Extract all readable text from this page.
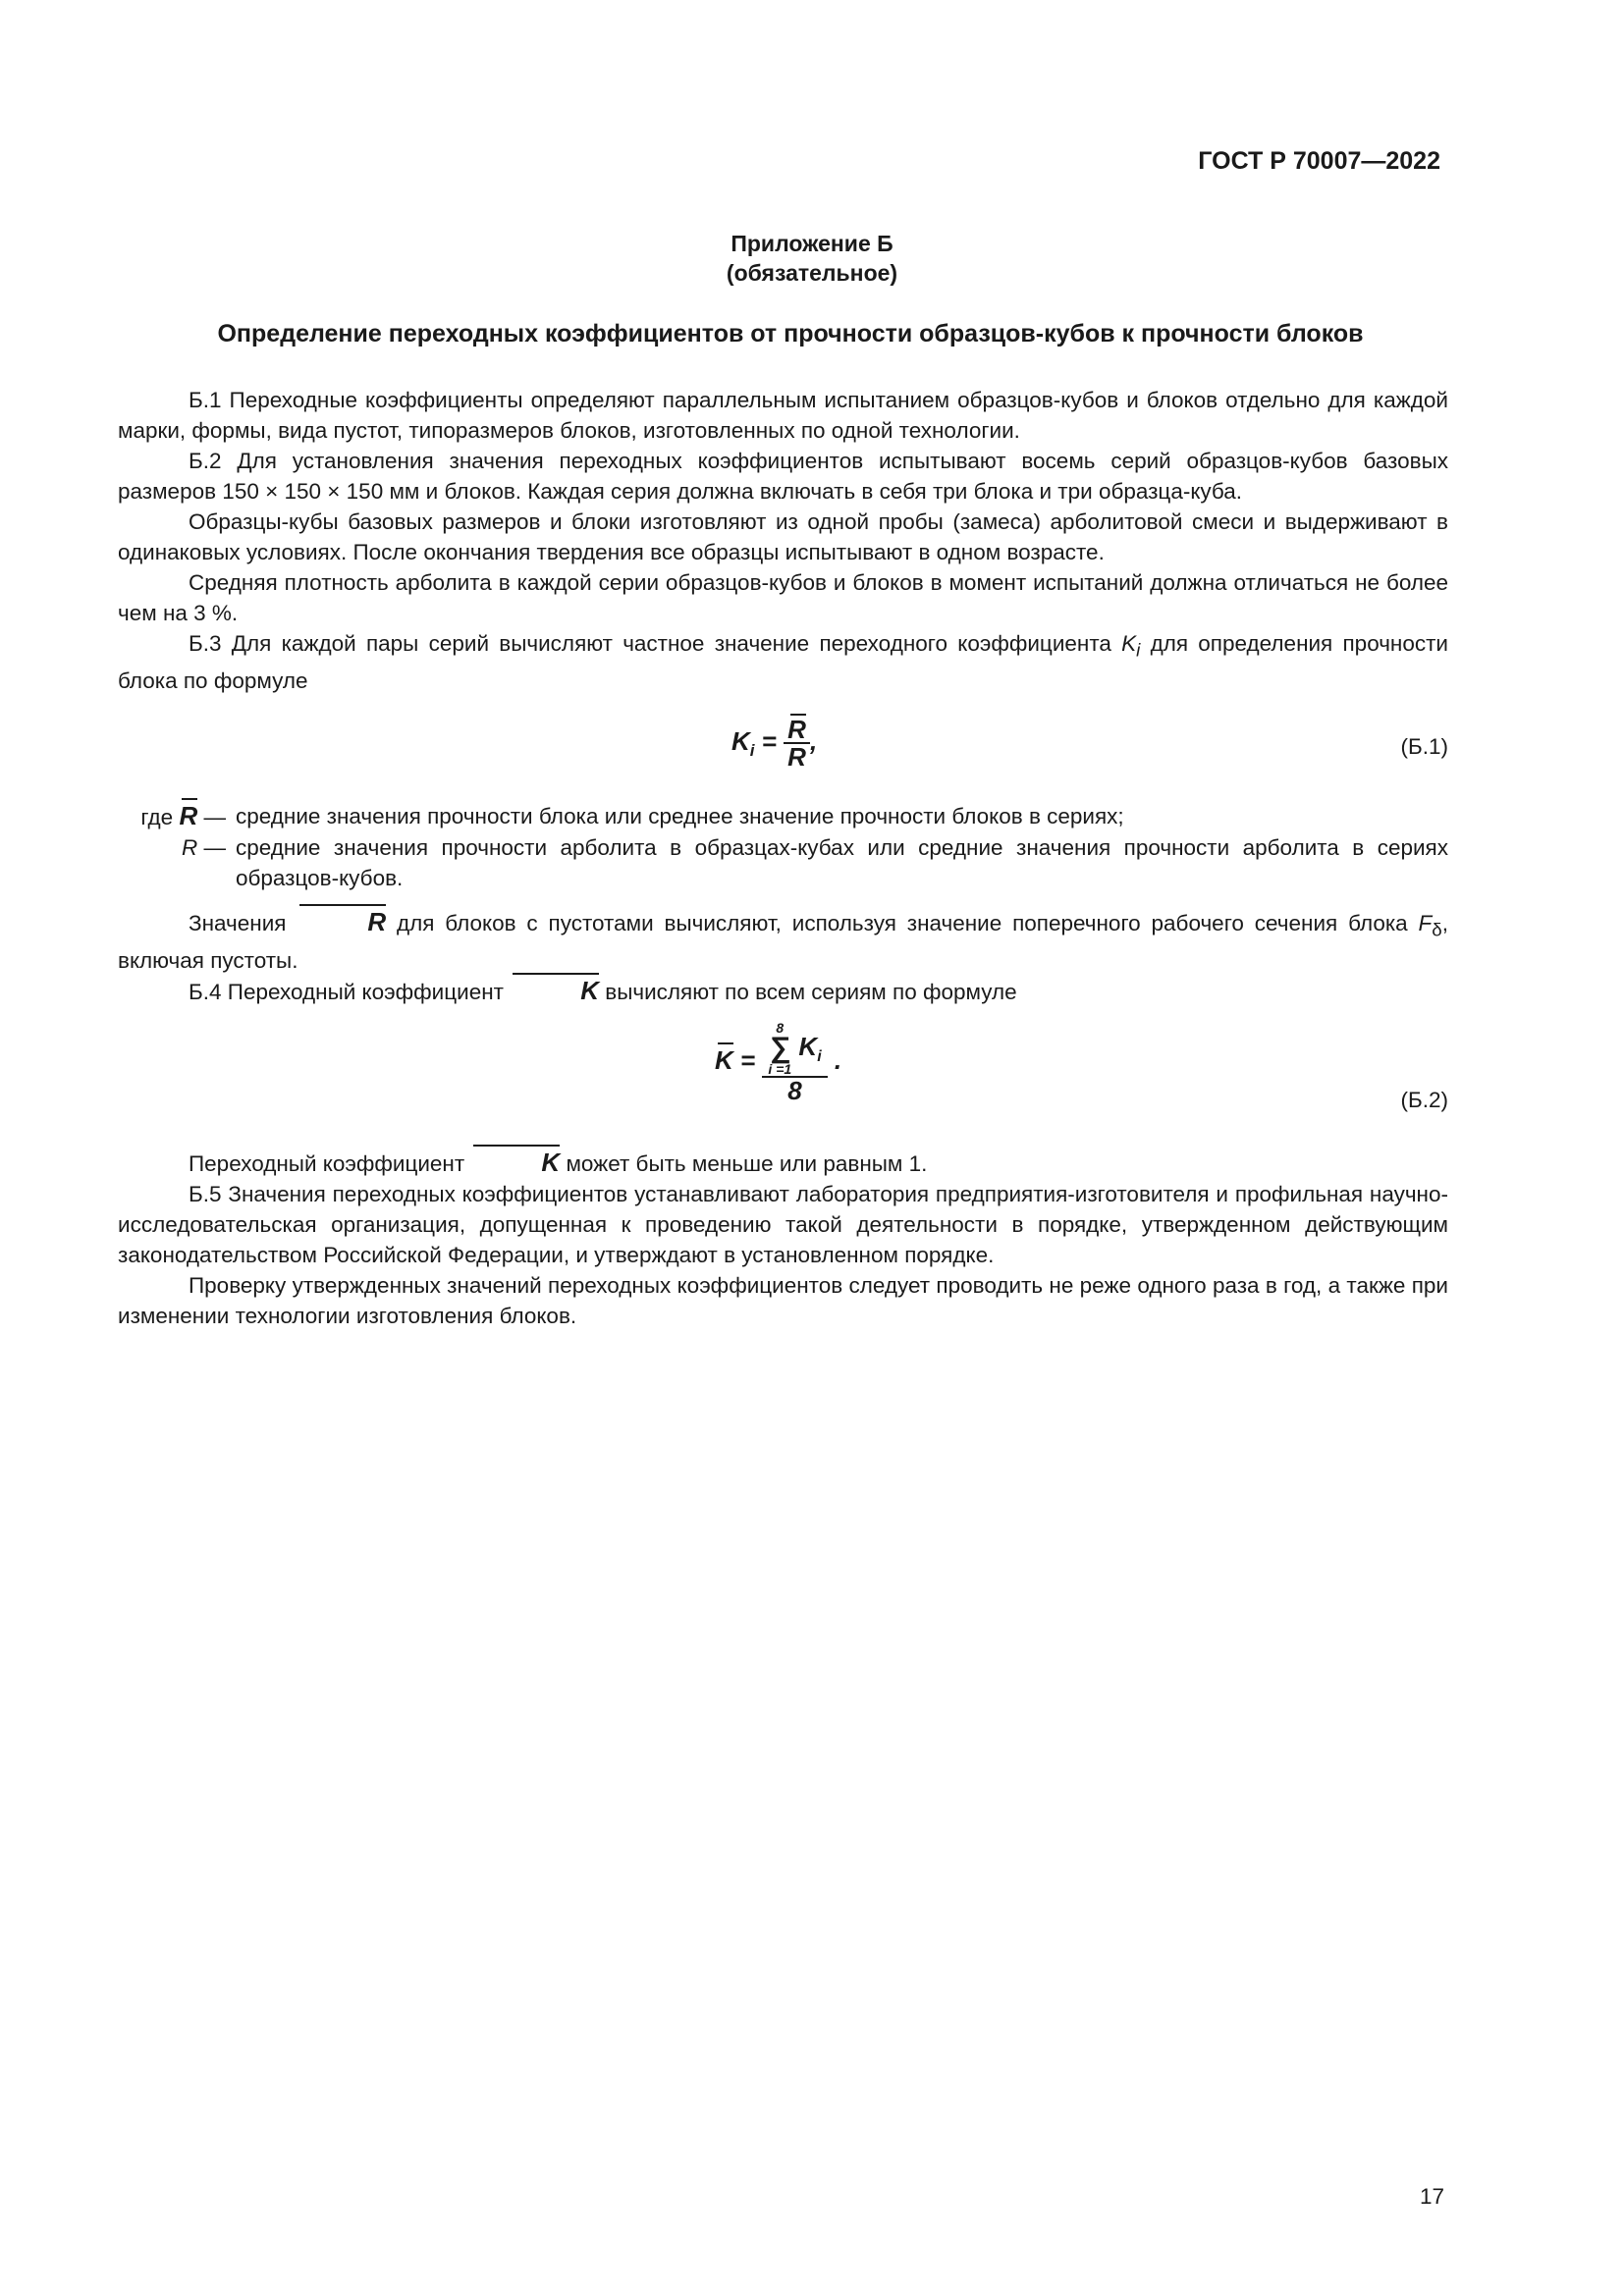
ГОСТ Р 70007—2022
Приложение Б
(обязательное)
Определение переходных коэффициентов от прочности образцов-кубов к прочности блоков

Б.1 Переходные коэффициенты определяют параллельным испытанием образцов-кубов и блоков отдельно для каждой марки, формы, вида пустот, типоразмеров блоков, изготовленных по одной технологии.

Б.2 Для установления значения переходных коэффициентов испытывают восемь серий образцов-кубов базовых размеров 150 × 150 × 150 мм и блоков. Каждая серия должна включать в себя три блока и три образца-куба.

Образцы-кубы базовых размеров и блоки изготовляют из одной пробы (замеса) арболитовой смеси и выдерживают в одинаковых условиях. После окончания твердения все образцы испытывают в одном возрасте.

Средняя плотность арболита в каждой серии образцов-кубов и блоков в момент испытаний должна отличаться не более чем на 3 %.

Б.3 Для каждой пары серий вычисляют частное значение переходного коэффициента $K_i$ для определения прочности блока по формуле

$K_i = \frac{R}{R}$ ,	(Б.1)
где R — средние значения прочности блока или среднее значение прочности блоков в сериях;
R — средние значения прочности арболита в образцах-кубах или средние значения прочности арболита в сериях образцов-кубов.

Значения	R для блоков с пустотами вычисляют, используя значение поперечного рабочего сечения блока $F_\delta$, включая пустоты.

Б.4 Переходный коэффициент	K вычисляют по всем сериям по формуле

K = 8
∑
i =1
$K_i$
8 .
(Б.2)

Переходный коэффициент	K может быть меньше или равным 1.

Б.5 Значения переходных коэффициентов устанавливают лаборатория предприятия-изготовителя и профильная научно-исследовательская организация, допущенная к проведению такой деятельности в порядке, утвержденном действующим законодательством Российской Федерации, и утверждают в установленном порядке.

Проверку утвержденных значений переходных коэффициентов следует проводить не реже одного раза в год, а также при изменении технологии изготовления блоков.

17
